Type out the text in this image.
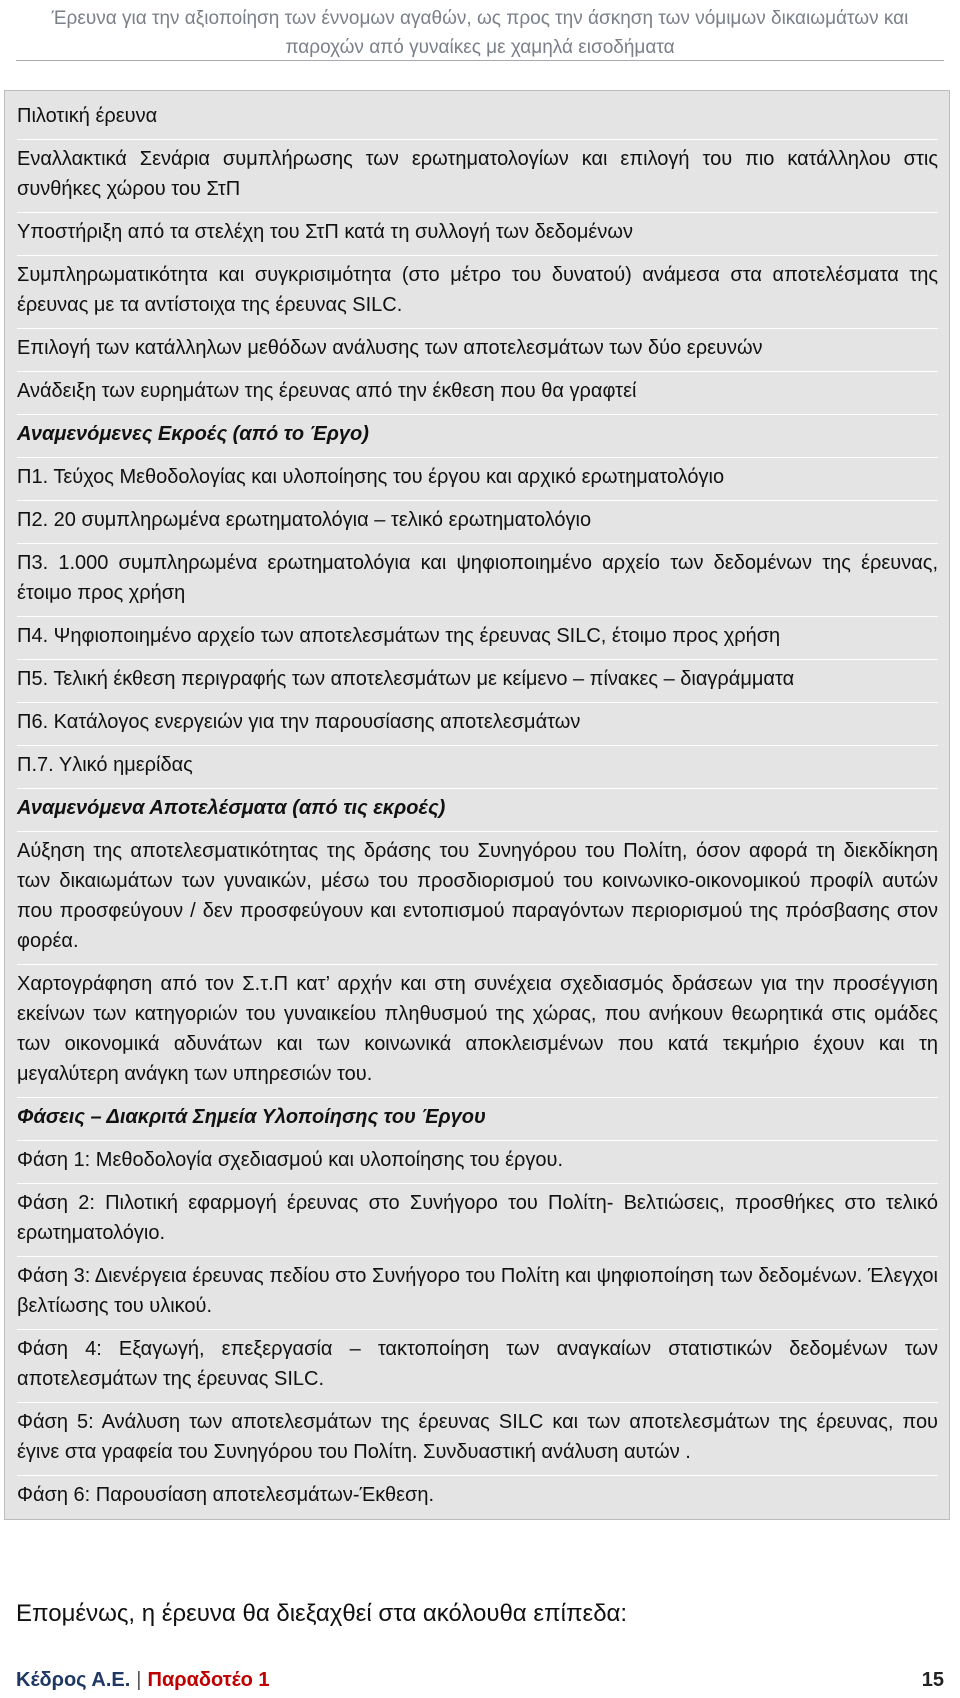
Έρευνα για την αξιοποίηση των έννομων αγαθών, ως προς την άσκηση των νόμιμων δικαιωμάτων και
παροχών από γυναίκες με χαμηλά εισοδήματα
Πιλοτική έρευνα
Εναλλακτικά Σενάρια συμπλήρωσης των ερωτηματολογίων και επιλογή του πιο κατάλληλου στις συνθήκες χώρου του ΣτΠ
Υποστήριξη από τα στελέχη του ΣτΠ κατά τη συλλογή των δεδομένων
Συμπληρωματικότητα και συγκρισιμότητα (στο μέτρο του δυνατού) ανάμεσα στα αποτελέσματα της έρευνας με τα αντίστοιχα της έρευνας SILC.
Επιλογή των κατάλληλων μεθόδων ανάλυσης των αποτελεσμάτων των δύο ερευνών
Ανάδειξη των ευρημάτων της έρευνας από την έκθεση που θα γραφτεί
Αναμενόμενες Εκροές (από το Έργο)
Π1. Τεύχος Μεθοδολογίας και υλοποίησης του έργου και αρχικό ερωτηματολόγιο
Π2. 20 συμπληρωμένα ερωτηματολόγια – τελικό ερωτηματολόγιο
Π3. 1.000 συμπληρωμένα ερωτηματολόγια και ψηφιοποιημένο αρχείο των δεδομένων της έρευνας, έτοιμο προς χρήση
Π4. Ψηφιοποιημένο αρχείο των αποτελεσμάτων της έρευνας SILC, έτοιμο προς χρήση
Π5. Τελική έκθεση περιγραφής των αποτελεσμάτων με κείμενο – πίνακες – διαγράμματα
Π6. Κατάλογος ενεργειών για την παρουσίασης αποτελεσμάτων
Π.7. Υλικό ημερίδας
Αναμενόμενα Αποτελέσματα (από τις εκροές)
Αύξηση της αποτελεσματικότητας της δράσης του Συνηγόρου του Πολίτη, όσον αφορά τη διεκδίκηση των δικαιωμάτων των γυναικών, μέσω του προσδιορισμού του κοινωνικο-οικονομικού προφίλ αυτών που προσφεύγουν / δεν προσφεύγουν και εντοπισμού παραγόντων περιορισμού της πρόσβασης στον φορέα.
Χαρτογράφηση από τον Σ.τ.Π κατ’ αρχήν και στη συνέχεια σχεδιασμός δράσεων για την προσέγγιση εκείνων των κατηγοριών του γυναικείου πληθυσμού της χώρας, που ανήκουν θεωρητικά στις ομάδες των οικονομικά αδυνάτων και των κοινωνικά αποκλεισμένων που κατά τεκμήριο έχουν και τη μεγαλύτερη ανάγκη των υπηρεσιών του.
Φάσεις – Διακριτά Σημεία Υλοποίησης του Έργου
Φάση 1: Μεθοδολογία σχεδιασμού και υλοποίησης του έργου.
Φάση 2: Πιλοτική εφαρμογή έρευνας στο Συνήγορο του Πολίτη- Βελτιώσεις, προσθήκες στο τελικό ερωτηματολόγιο.
Φάση 3: Διενέργεια έρευνας πεδίου στο Συνήγορο του Πολίτη και ψηφιοποίηση των δεδομένων. Έλεγχοι βελτίωσης του υλικού.
Φάση 4: Εξαγωγή, επεξεργασία – τακτοποίηση των αναγκαίων στατιστικών δεδομένων των αποτελεσμάτων της έρευνας SILC.
Φάση 5: Ανάλυση των αποτελεσμάτων της έρευνας SILC και των αποτελεσμάτων της έρευνας, που έγινε στα γραφεία του Συνηγόρου του Πολίτη. Συνδυαστική ανάλυση αυτών .
Φάση 6: Παρουσίαση αποτελεσμάτων-Έκθεση.
Επομένως, η έρευνα θα διεξαχθεί στα ακόλουθα επίπεδα:
Κέδρος Α.Ε. | Παραδοτέο 1	15
